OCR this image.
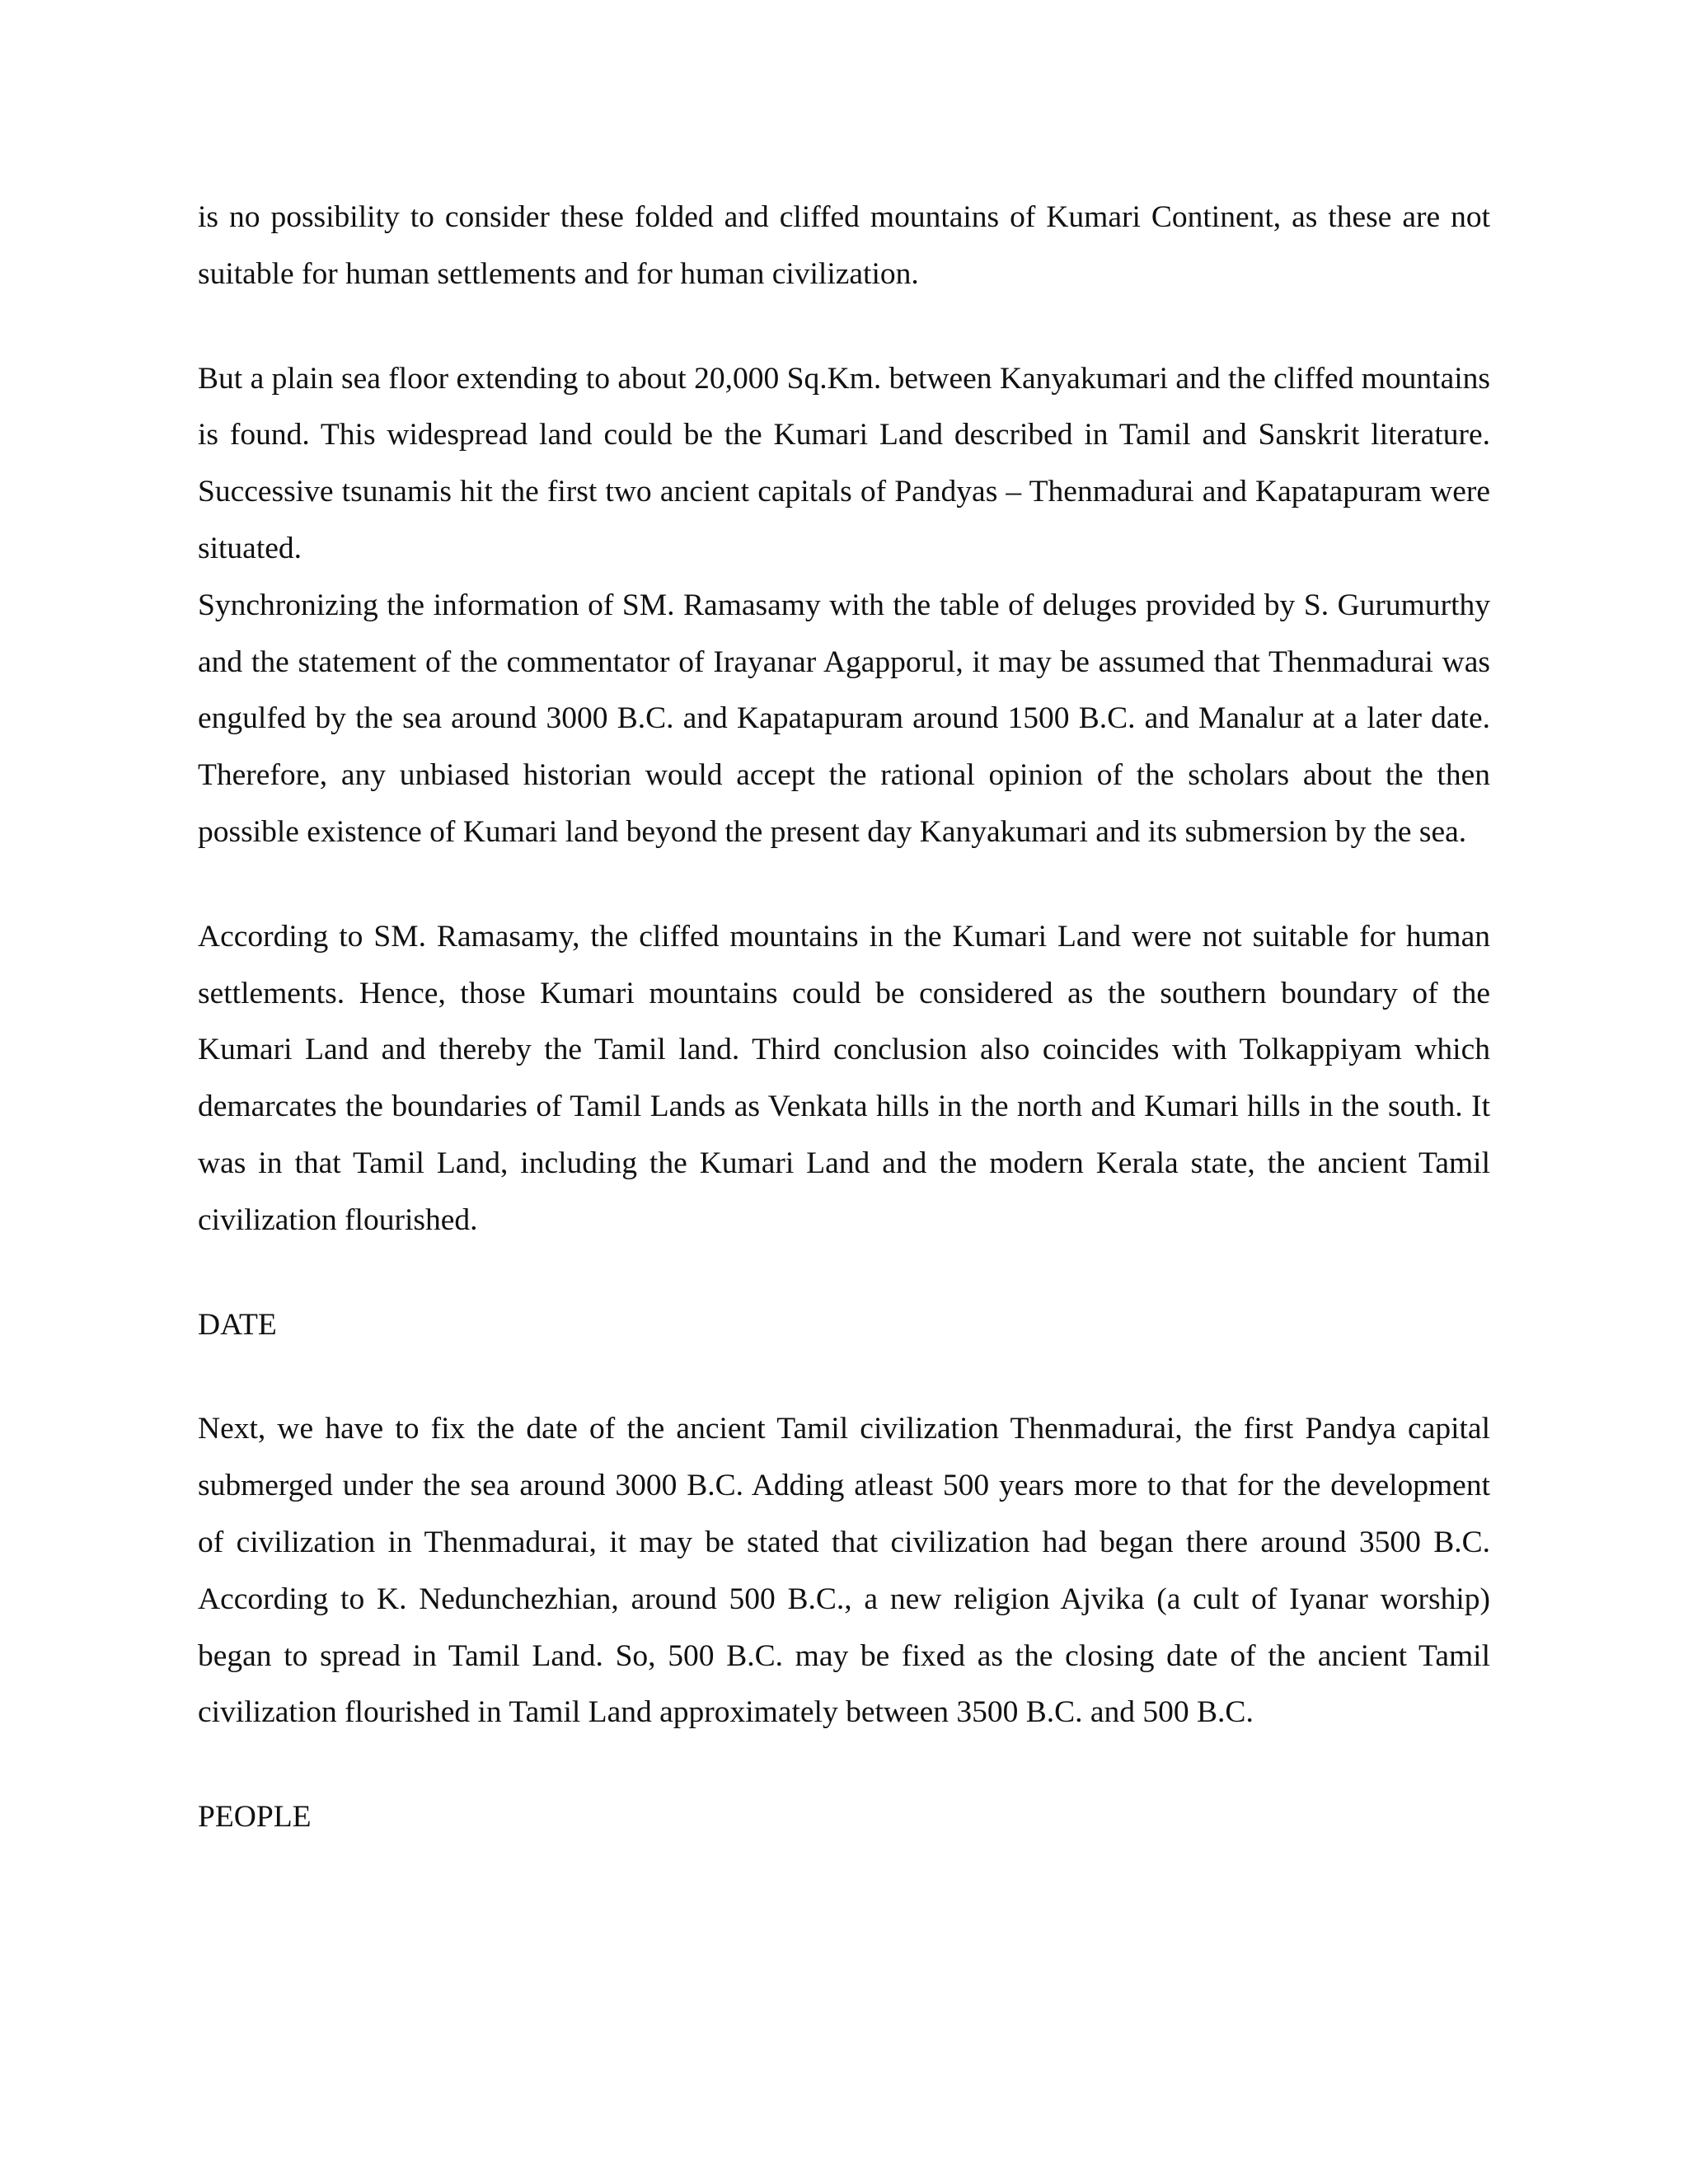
is no possibility to consider these folded and cliffed mountains of Kumari Continent, as these are not suitable for human settlements and for human civilization.

But a plain sea floor extending to about 20,000 Sq.Km. between Kanyakumari and the cliffed mountains is found. This widespread land could be the Kumari Land described in Tamil and Sanskrit literature. Successive tsunamis hit the first two ancient capitals of Pandyas – Thenmadurai and Kapatapuram were situated.

Synchronizing the information of SM. Ramasamy with the table of deluges provided by S. Gurumurthy and the statement of the commentator of Irayanar Agapporul, it may be assumed that Thenmadurai was engulfed by the sea around 3000 B.C. and Kapatapuram around 1500 B.C. and Manalur at a later date. Therefore, any unbiased historian would accept the rational opinion of the scholars about the then possible existence of Kumari land beyond the present day Kanyakumari and its submersion by the sea.

According to SM. Ramasamy, the cliffed mountains in the Kumari Land were not suitable for human settlements. Hence, those Kumari mountains could be considered as the southern boundary of the Kumari Land and thereby the Tamil land. Third conclusion also coincides with Tolkappiyam which demarcates the boundaries of Tamil Lands as Venkata hills in the north and Kumari hills in the south. It was in that Tamil Land, including the Kumari Land and the modern Kerala state, the ancient Tamil civilization flourished.

DATE

Next, we have to fix the date of the ancient Tamil civilization Thenmadurai, the first Pandya capital submerged under the sea around 3000 B.C. Adding atleast 500 years more to that for the development of civilization in Thenmadurai, it may be stated that civilization had began there around 3500 B.C. According to K. Nedunchezhian, around 500 B.C., a new religion Ajvika (a cult of Iyanar worship) began to spread in Tamil Land. So, 500 B.C. may be fixed as the closing date of the ancient Tamil civilization flourished in Tamil Land approximately between 3500 B.C. and 500 B.C.

PEOPLE
